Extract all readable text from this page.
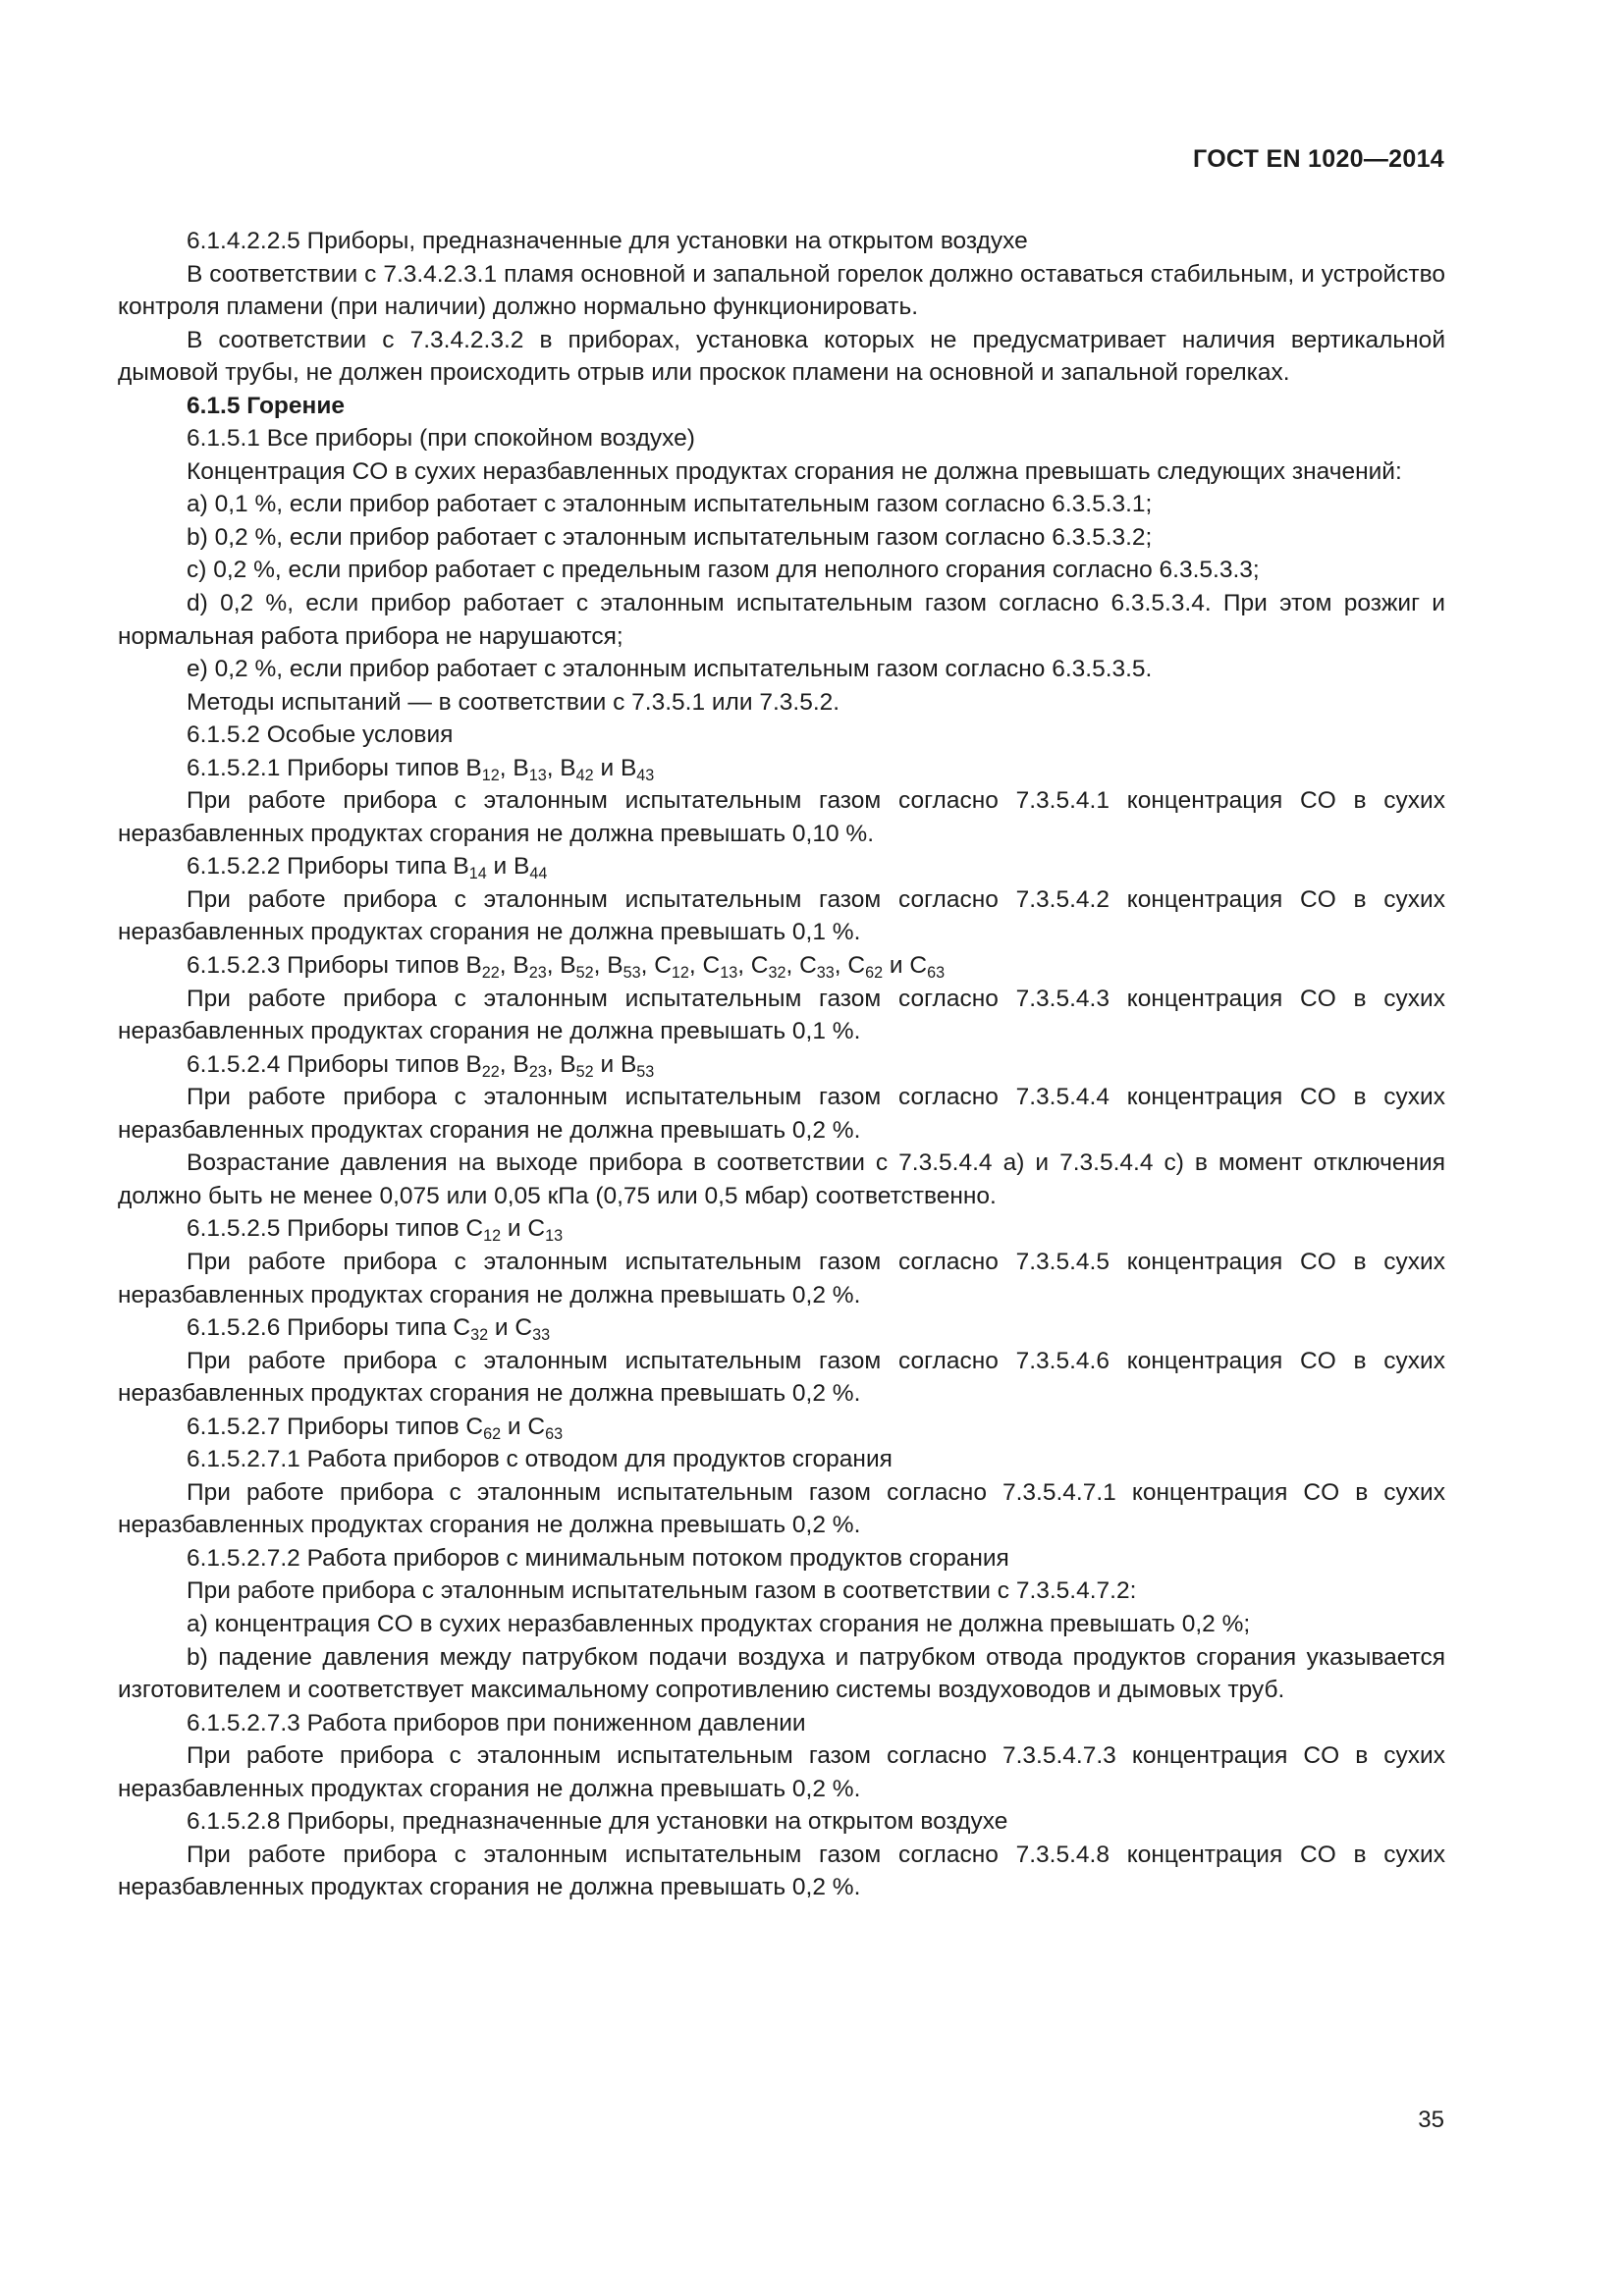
ГОСТ EN 1020—2014
6.1.4.2.2.5 Приборы, предназначенные для установки на открытом воздухе
В соответствии с 7.3.4.2.3.1 пламя основной и запальной горелок должно оставаться стабильным, и устройство контроля пламени (при наличии) должно нормально функционировать.
В соответствии с 7.3.4.2.3.2 в приборах, установка которых не предусматривает наличия вертикальной дымовой трубы, не должен происходить отрыв или проскок пламени на основной и запальной горелках.
6.1.5 Горение
6.1.5.1 Все приборы (при спокойном воздухе)
Концентрация CO в сухих неразбавленных продуктах сгорания не должна превышать следующих значений:
a) 0,1 %, если прибор работает с эталонным испытательным газом согласно 6.3.5.3.1;
b) 0,2 %, если прибор работает с эталонным испытательным газом согласно 6.3.5.3.2;
c) 0,2 %, если прибор работает с предельным газом для неполного сгорания согласно 6.3.5.3.3;
d) 0,2 %, если прибор работает с эталонным испытательным газом согласно 6.3.5.3.4. При этом розжиг и нормальная работа прибора не нарушаются;
e) 0,2 %, если прибор работает с эталонным испытательным газом согласно 6.3.5.3.5.
Методы испытаний — в соответствии с 7.3.5.1 или 7.3.5.2.
6.1.5.2 Особые условия
6.1.5.2.1 Приборы типов $B_{12}$, $B_{13}$, $B_{42}$ и $B_{43}$
При работе прибора с эталонным испытательным газом согласно 7.3.5.4.1 концентрация CO в сухих неразбавленных продуктах сгорания не должна превышать 0,10 %.
6.1.5.2.2 Приборы типа $B_{14}$ и $B_{44}$
При работе прибора с эталонным испытательным газом согласно 7.3.5.4.2 концентрация CO в сухих неразбавленных продуктах сгорания не должна превышать 0,1 %.
6.1.5.2.3 Приборы типов $B_{22}$, $B_{23}$, $B_{52}$, $B_{53}$, $C_{12}$, $C_{13}$, $C_{32}$, $C_{33}$, $C_{62}$ и $C_{63}$
При работе прибора с эталонным испытательным газом согласно 7.3.5.4.3 концентрация CO в сухих неразбавленных продуктах сгорания не должна превышать 0,1 %.
6.1.5.2.4 Приборы типов $B_{22}$, $B_{23}$, $B_{52}$ и $B_{53}$
При работе прибора с эталонным испытательным газом согласно 7.3.5.4.4 концентрация CO в сухих неразбавленных продуктах сгорания не должна превышать 0,2 %.
Возрастание давления на выходе прибора в соответствии с 7.3.5.4.4 a) и 7.3.5.4.4 c) в момент отключения должно быть не менее 0,075 или 0,05 кПа (0,75 или 0,5 мбар) соответственно.
6.1.5.2.5 Приборы типов $C_{12}$ и $C_{13}$
При работе прибора с эталонным испытательным газом согласно 7.3.5.4.5 концентрация CO в сухих неразбавленных продуктах сгорания не должна превышать 0,2 %.
6.1.5.2.6 Приборы типа $C_{32}$ и $C_{33}$
При работе прибора с эталонным испытательным газом согласно 7.3.5.4.6 концентрация CO в сухих неразбавленных продуктах сгорания не должна превышать 0,2 %.
6.1.5.2.7 Приборы типов $C_{62}$ и $C_{63}$
6.1.5.2.7.1 Работа приборов с отводом для продуктов сгорания
При работе прибора с эталонным испытательным газом согласно 7.3.5.4.7.1 концентрация CO в сухих неразбавленных продуктах сгорания не должна превышать 0,2 %.
6.1.5.2.7.2 Работа приборов с минимальным потоком продуктов сгорания
При работе прибора с эталонным испытательным газом в соответствии с 7.3.5.4.7.2:
a) концентрация CO в сухих неразбавленных продуктах сгорания не должна превышать 0,2 %;
b) падение давления между патрубком подачи воздуха и патрубком отвода продуктов сгорания указывается изготовителем и соответствует максимальному сопротивлению системы воздуховодов и дымовых труб.
6.1.5.2.7.3 Работа приборов при пониженном давлении
При работе прибора с эталонным испытательным газом согласно 7.3.5.4.7.3 концентрация CO в сухих неразбавленных продуктах сгорания не должна превышать 0,2 %.
6.1.5.2.8 Приборы, предназначенные для установки на открытом воздухе
При работе прибора с эталонным испытательным газом согласно 7.3.5.4.8 концентрация CO в сухих неразбавленных продуктах сгорания не должна превышать 0,2 %.
35
